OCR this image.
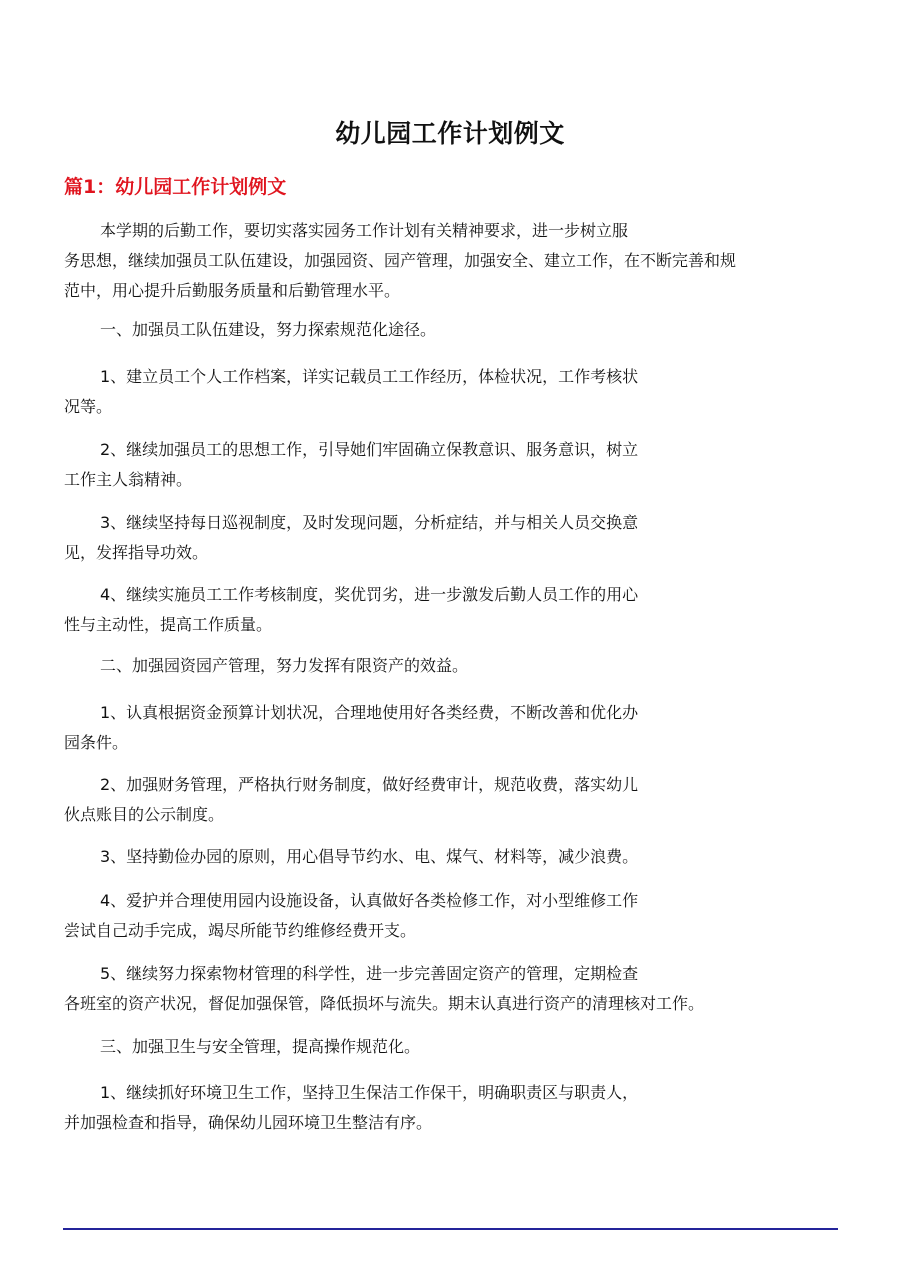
幼儿园工作计划例文
篇1：幼儿园工作计划例文
本学期的后勤工作，要切实落实园务工作计划有关精神要求，进一步树立服
务思想，继续加强员工队伍建设，加强园资、园产管理，加强安全、建立工作，在不断完善和规
范中，用心提升后勤服务质量和后勤管理水平。
一、加强员工队伍建设，努力探索规范化途径。
1、建立员工个人工作档案，详实记载员工工作经历，体检状况，工作考核状
况等。
2、继续加强员工的思想工作，引导她们牢固确立保教意识、服务意识，树立
工作主人翁精神。
3、继续坚持每日巡视制度，及时发现问题，分析症结，并与相关人员交换意
见，发挥指导功效。
4、继续实施员工工作考核制度，奖优罚劣，进一步激发后勤人员工作的用心
性与主动性，提高工作质量。
二、加强园资园产管理，努力发挥有限资产的效益。
1、认真根据资金预算计划状况，合理地使用好各类经费，不断改善和优化办
园条件。
2、加强财务管理，严格执行财务制度，做好经费审计，规范收费，落实幼儿
伙点账目的公示制度。
3、坚持勤俭办园的原则，用心倡导节约水、电、煤气、材料等，减少浪费。
4、爱护并合理使用园内设施设备，认真做好各类检修工作，对小型维修工作
尝试自己动手完成，竭尽所能节约维修经费开支。
5、继续努力探索物材管理的科学性，进一步完善固定资产的管理，定期检查
各班室的资产状况，督促加强保管，降低损坏与流失。期末认真进行资产的清理核对工作。
三、加强卫生与安全管理，提高操作规范化。
1、继续抓好环境卫生工作，坚持卫生保洁工作保干，明确职责区与职责人，
并加强检查和指导，确保幼儿园环境卫生整洁有序。
